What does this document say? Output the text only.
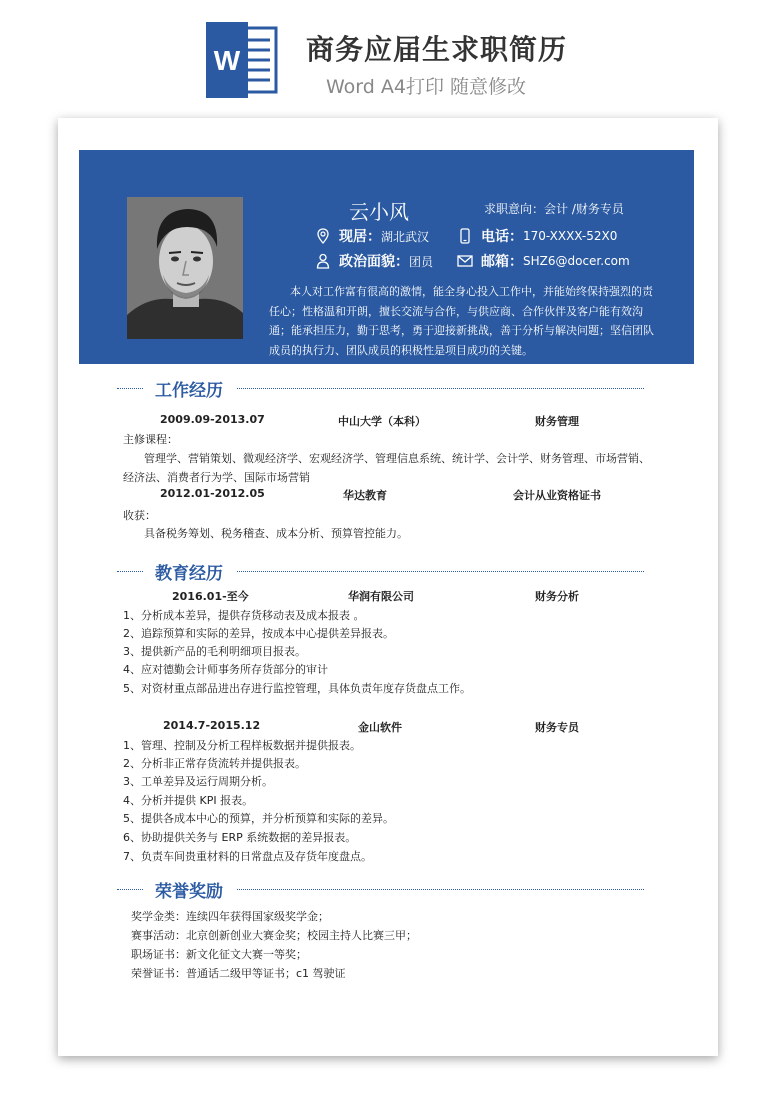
W 商务应届生求职简历
Word A4打印 随意修改
云小风	求职意向：会计 /财务专员
现居： 湖北武汉	电话： 170-XXXX-52X0
政治面貌： 团员	邮箱： SHZ6@docer.com
本人对工作富有很高的激情，能全身心投入工作中，并能始终保持强烈的责任心；性格温和开朗，擅长交流与合作，与供应商、合作伙伴及客户能有效沟通；能承担压力，勤于思考，勇于迎接新挑战，善于分析与解决问题；坚信团队成员的执行力、团队成员的积极性是项目成功的关键。
工作经历
2009.09-2013.07	中山大学（本科）	财务管理
主修课程：
管理学、营销策划、微观经济学、宏观经济学、管理信息系统、统计学、会计学、财务管理、市场营销、
经济法、消费者行为学、国际市场营销
2012.01-2012.05	华达教育	会计从业资格证书
收获：
具备税务筹划、税务稽查、成本分析、预算管控能力。
教育经历
2016.01-至今	华润有限公司	财务分析
1、分析成本差异，提供存货移动表及成本报表 。
2、追踪预算和实际的差异，按成本中心提供差异报表。
3、提供新产品的毛利明细项目报表。
4、应对德勤会计师事务所存货部分的审计
5、对资材重点部品进出存进行监控管理，具体负责年度存货盘点工作。
2014.7-2015.12	金山软件	财务专员
1、管理、控制及分析工程样板数据并提供报表。
2、分析非正常存货流转并提供报表。
3、工单差异及运行周期分析。
4、分析并提供 KPI 报表。
5、提供各成本中心的预算，并分析预算和实际的差异。
6、协助提供关务与 ERP 系统数据的差异报表。
7、负责车间贵重材料的日常盘点及存货年度盘点。
荣誉奖励
奖学金类：连续四年获得国家级奖学金；
赛事活动：北京创新创业大赛金奖；校园主持人比赛三甲；
职场证书：新文化征文大赛一等奖；
荣誉证书：普通话二级甲等证书；c1 驾驶证
